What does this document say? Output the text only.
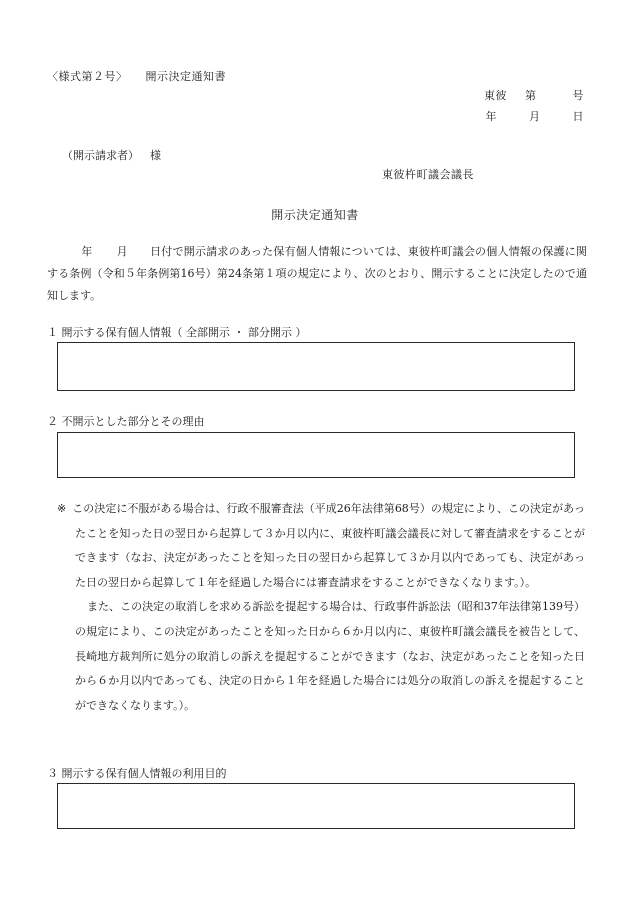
〈様式第２号〉 開示決定通知書
東彼 第	号
年	月	日
（開示請求者） 様
東彼杵町議会議長
開示決定通知書
年 月 日付で開示請求のあった保有個人情報については、東彼杵町議会の個人情報の保護に関する条例（令和５年条例第16号）第24条第１項の規定により、次のとおり、開示することに決定したので通知します。
１ 開示する保有個人情報（ 全部開示 ・ 部分開示 ）
２ 不開示とした部分とその理由

※ この決定に不服がある場合は、行政不服審査法（平成26年法律第68号）の規定により、この決定があったことを知った日の翌日から起算して３か月以内に、東彼杵町議会議長に対して審査請求をすることができます（なお、決定があったことを知った日の翌日から起算して３か月以内であっても、決定があった日の翌日から起算して１年を経過した場合には審査請求をすることができなくなります。）。

また、この決定の取消しを求める訴訟を提起する場合は、行政事件訴訟法（昭和37年法律第139号）の規定により、この決定があったことを知った日から６か月以内に、東彼杵町議会議長を被告として、長崎地方裁判所に処分の取消しの訴えを提起することができます（なお、決定があったことを知った日から６か月以内であっても、決定の日から１年を経過した場合には処分の取消しの訴えを提起することができなくなります。）。

３ 開示する保有個人情報の利用目的
